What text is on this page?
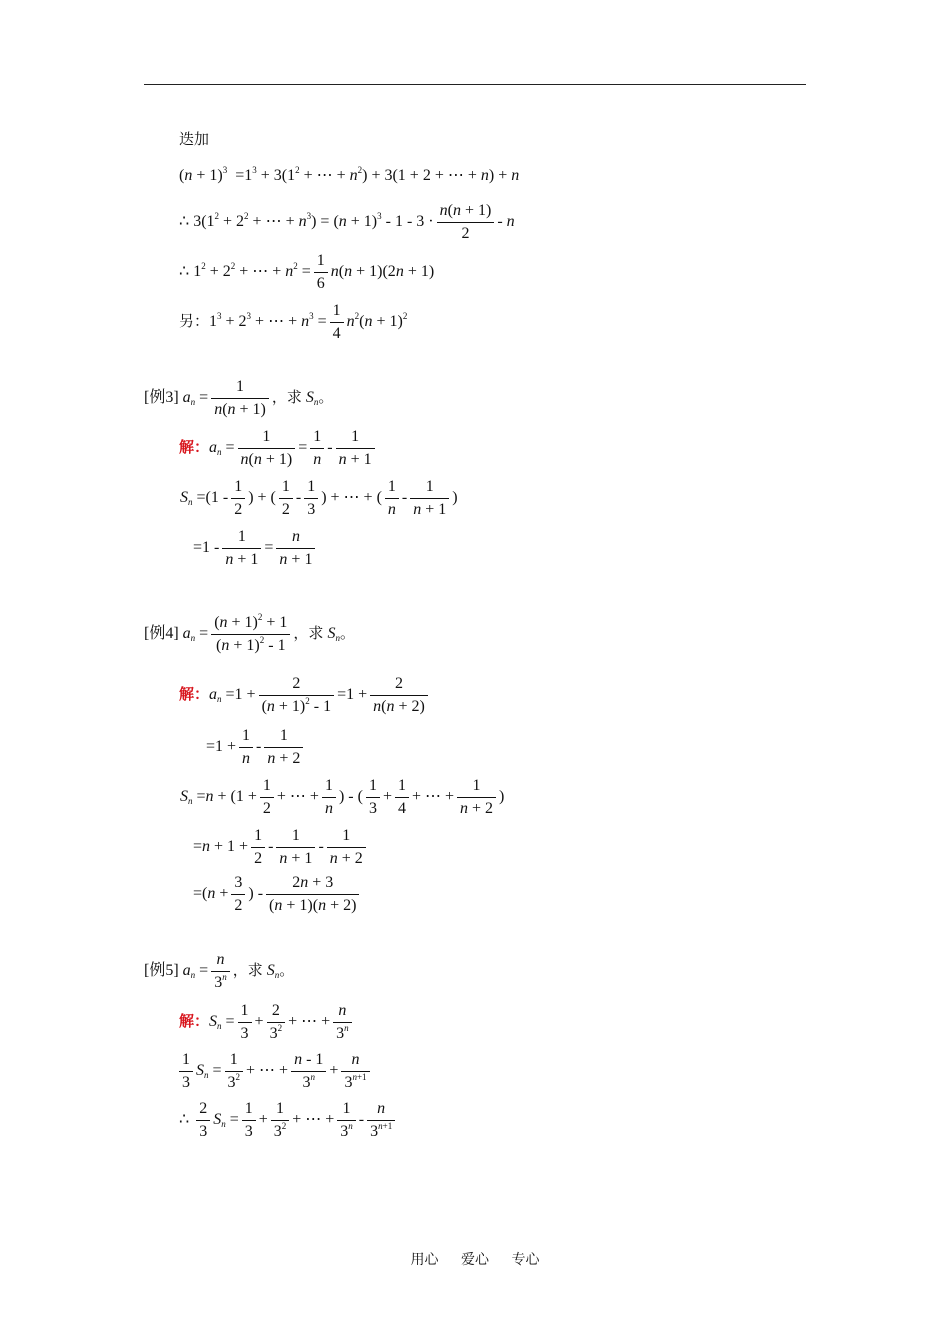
迭加
$(n + 1)^3 =1^3 + 3(1^2$ + ⋯ + $n^2) + 3(1 + 2$ + ⋯ + n) + n
∴ $3(1^2 + 2^2$ + ⋯ + $n^3) = (n + 1)^3 - 1 - 3 \cdot \frac{n(n + 1)}{2} - n$
∴ $1^2 + 2^2$ + ⋯ + $n^2 = \frac{1}{6} n(n + 1)(2n + 1)$
另：$1^3 + 2^3$ + ⋯ + $n^3 = \frac{1}{4} n^2(n + 1)^2$
[例3] $a_n = \frac{1}{n(n + 1)}$ ，求 $S_n$。
解：$a_n = \frac{1}{n(n + 1)} = \frac{1}{n} - \frac{1}{n + 1}$
$S_n =(1 - \frac{1}{2}$ ) + ( $\frac{1}{2} - \frac{1}{3}$ ) + ⋯ + ( $\frac{1}{n} - \frac{1}{n + 1}$ )
$=1 - \frac{1}{n + 1} = \frac{n}{n + 1}$
[例4] $a_n = \frac{(n + 1)^2 + 1}{(n + 1)^2 - 1}$ ，求 $S_n$。
解：$a_n =1 + \frac{2}{(n + 1)^2 - 1} =1 + \frac{2}{n(n + 2)}$
$=1 + \frac{1}{n} - \frac{1}{n + 2}$
$S_n =n + (1 + \frac{1}{2}$ + ⋯ + $\frac{1}{n}$ ) - ( $\frac{1}{3} + \frac{1}{4}$ + ⋯ + $\frac{1}{n + 2}$ )
$=n + 1 + \frac{1}{2} - \frac{1}{n + 1} - \frac{1}{n + 2}$
$=(n + \frac{3}{2}$ ) - $\frac{2n + 3}{(n + 1)(n + 2)}$
[例5] $a_n = \frac{n}{3^n}$ ，求 $S_n$。
解：$S_n = \frac{1}{3} + \frac{2}{3^2}$ + ⋯ + $\frac{n}{3^n}$
$\frac{1}{3} S_n = \frac{1}{3^2}$ + ⋯ + $\frac{n - 1}{3^n} + \frac{n}{3^{n+1}}$
∴ $\frac{2}{3} S_n = \frac{1}{3} + \frac{1}{3^2}$ + ⋯ + $\frac{1}{3^n} - \frac{n}{3^{n+1}}$
用心 爱心 专心
